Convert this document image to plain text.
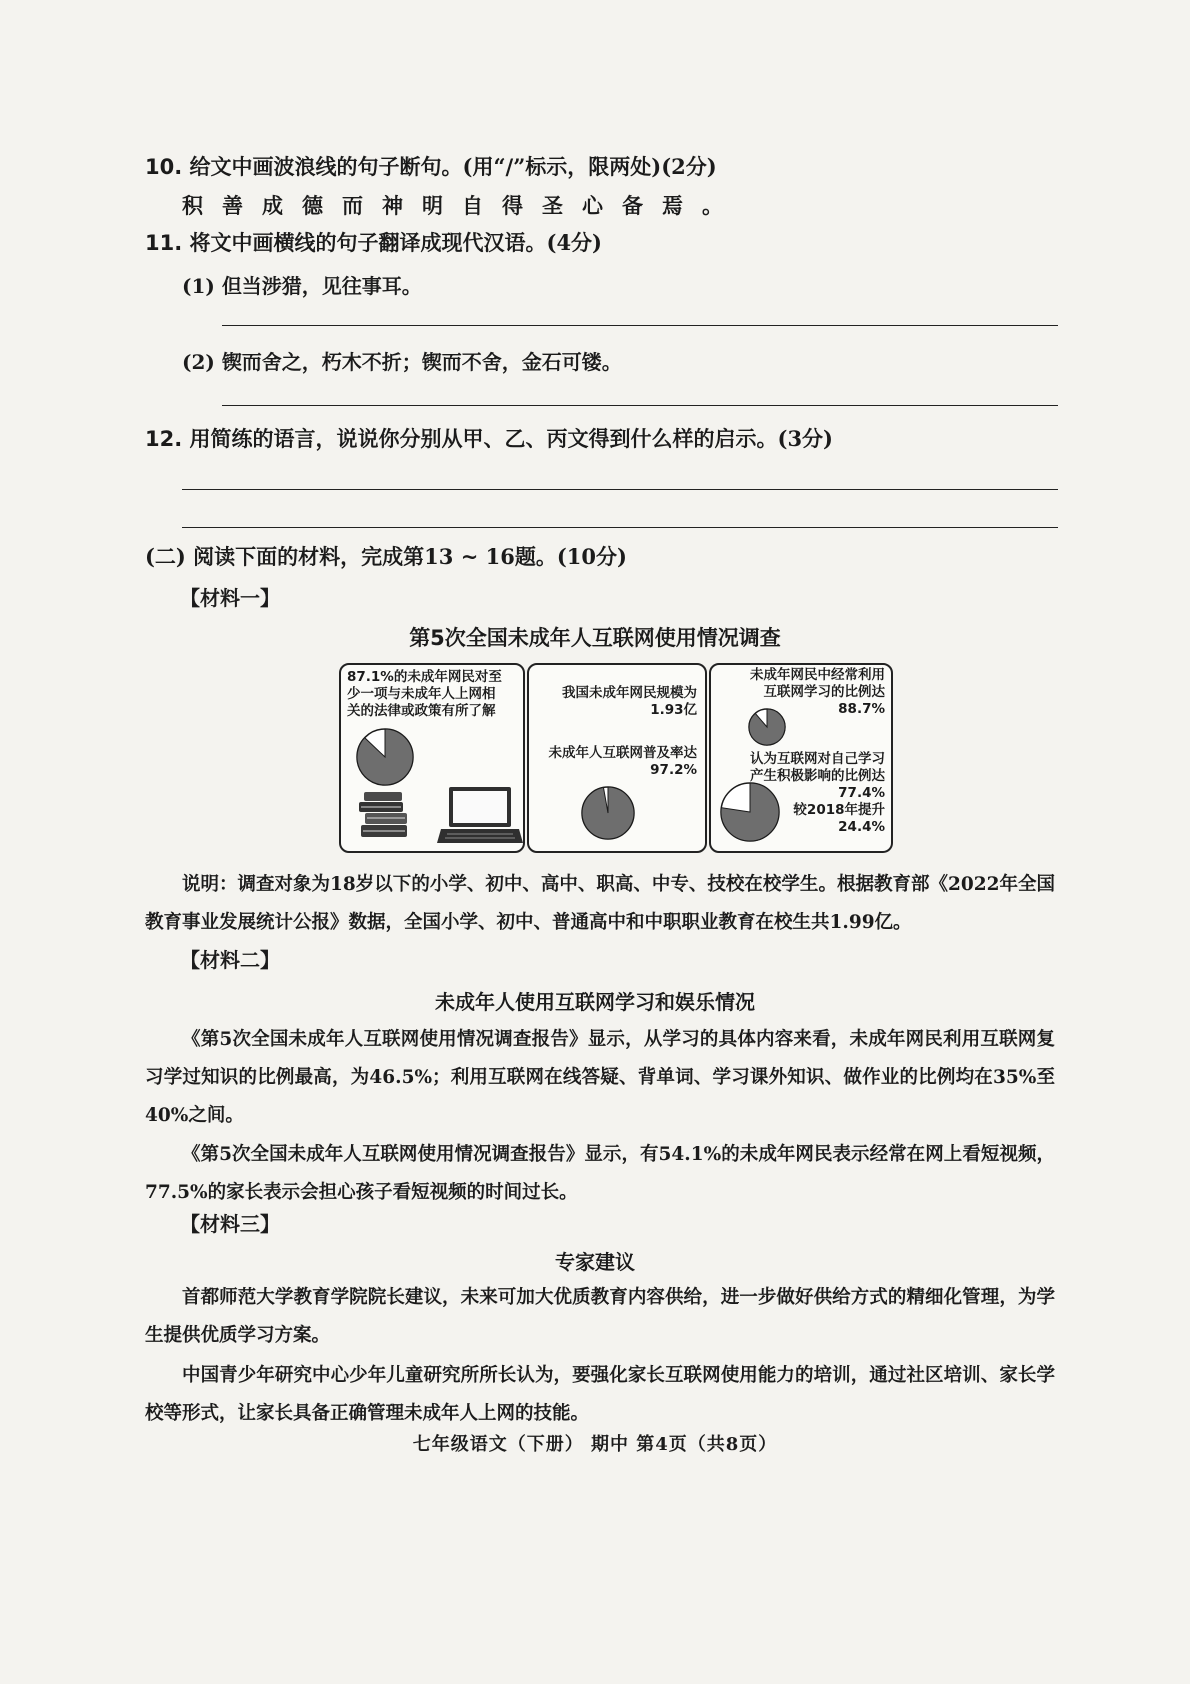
10. 给文中画波浪线的句子断句。(用“/”标示，限两处)(2分)
积善成德而神明自得圣心备焉。
11. 将文中画横线的句子翻译成现代汉语。(4分)
(1) 但当涉猎，见往事耳。
(2) 锲而舍之，朽木不折；锲而不舍，金石可镂。
12. 用简练的语言，说说你分别从甲、乙、丙文得到什么样的启示。(3分)
(二) 阅读下面的材料，完成第13 ~ 16题。(10分)
【材料一】
第5次全国未成年人互联网使用情况调查
87.1%的未成年网民对至
少一项与未成年人上网相
关的法律或政策有所了解
我国未成年网民规模为
1.93亿
未成年人互联网普及率达
97.2%
未成年网民中经常利用
互联网学习的比例达
88.7%
认为互联网对自己学习
产生积极影响的比例达
77.4%
较2018年提升
24.4%
说明：调查对象为18岁以下的小学、初中、高中、职高、中专、技校在校学生。根据教育部《2022年全国教育事业发展统计公报》数据，全国小学、初中、普通高中和中职职业教育在校生共1.99亿。
【材料二】
未成年人使用互联网学习和娱乐情况
《第5次全国未成年人互联网使用情况调查报告》显示，从学习的具体内容来看，未成年网民利用互联网复习学过知识的比例最高，为46.5%；利用互联网在线答疑、背单词、学习课外知识、做作业的比例均在35%至40%之间。
《第5次全国未成年人互联网使用情况调查报告》显示，有54.1%的未成年网民表示经常在网上看短视频，77.5%的家长表示会担心孩子看短视频的时间过长。
【材料三】
专家建议
首都师范大学教育学院院长建议，未来可加大优质教育内容供给，进一步做好供给方式的精细化管理，为学生提供优质学习方案。
中国青少年研究中心少年儿童研究所所长认为，要强化家长互联网使用能力的培训，通过社区培训、家长学校等形式，让家长具备正确管理未成年人上网的技能。
七年级语文（下册） 期中 第4页（共8页）
